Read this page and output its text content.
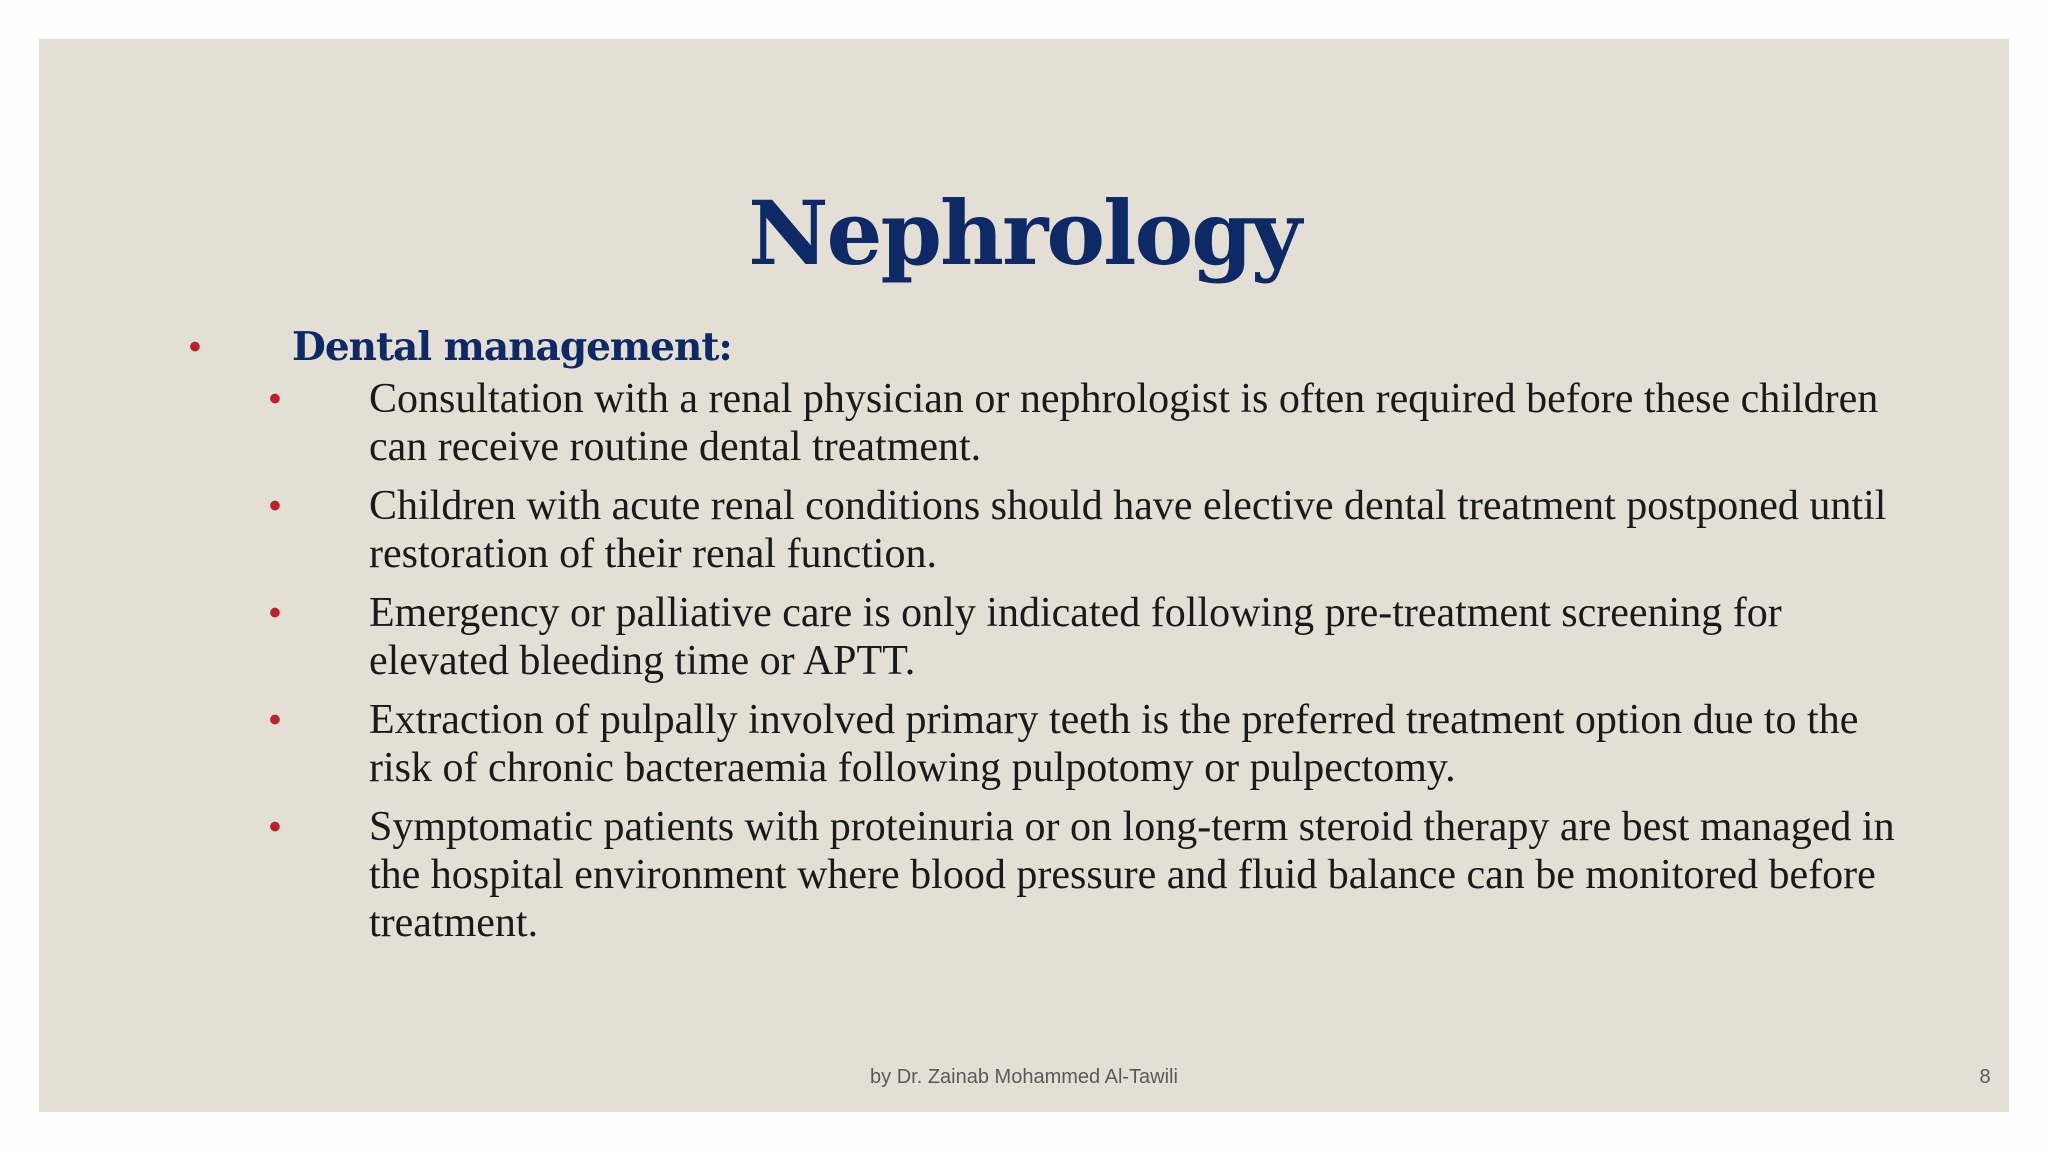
Nephrology
• Dental management:
• Consultation with a renal physician or nephrologist is often required before these children can receive routine dental treatment.
• Children with acute renal conditions should have elective dental treatment postponed until restoration of their renal function.
• Emergency or palliative care is only indicated following pre-treatment screening for elevated bleeding time or APTT.
• Extraction of pulpally involved primary teeth is the preferred treatment option due to the risk of chronic bacteraemia following pulpotomy or pulpectomy.
• Symptomatic patients with proteinuria or on long-term steroid therapy are best managed in the hospital environment where blood pressure and fluid balance can be monitored before treatment.
by Dr. Zainab Mohammed Al-Tawili	8
